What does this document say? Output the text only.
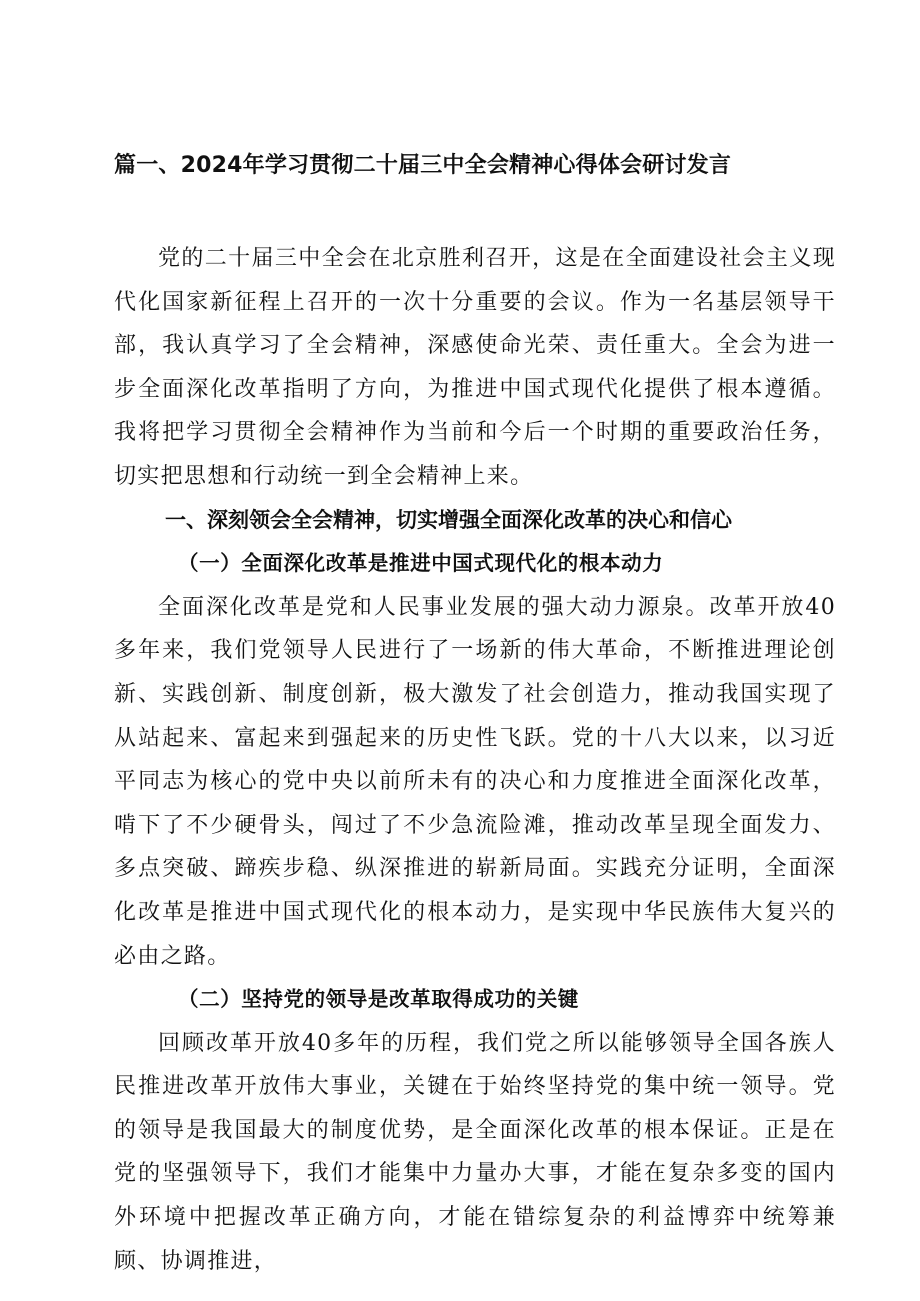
篇一、2024年学习贯彻二十届三中全会精神心得体会研讨发言

党的二十届三中全会在北京胜利召开，这是在全面建设社会主义现代化国家新征程上召开的一次十分重要的会议。作为一名基层领导干部，我认真学习了全会精神，深感使命光荣、责任重大。全会为进一步全面深化改革指明了方向，为推进中国式现代化提供了根本遵循。我将把学习贯彻全会精神作为当前和今后一个时期的重要政治任务，切实把思想和行动统一到全会精神上来。

一、深刻领会全会精神，切实增强全面深化改革的决心和信心
（一）全面深化改革是推进中国式现代化的根本动力

全面深化改革是党和人民事业发展的强大动力源泉。改革开放40多年来，我们党领导人民进行了一场新的伟大革命，不断推进理论创新、实践创新、制度创新，极大激发了社会创造力，推动我国实现了从站起来、富起来到强起来的历史性飞跃。党的十八大以来，以习近平同志为核心的党中央以前所未有的决心和力度推进全面深化改革，啃下了不少硬骨头，闯过了不少急流险滩，推动改革呈现全面发力、多点突破、蹄疾步稳、纵深推进的崭新局面。实践充分证明，全面深化改革是推进中国式现代化的根本动力，是实现中华民族伟大复兴的必由之路。

（二）坚持党的领导是改革取得成功的关键

回顾改革开放40多年的历程，我们党之所以能够领导全国各族人民推进改革开放伟大事业，关键在于始终坚持党的集中统一领导。党的领导是我国最大的制度优势，是全面深化改革的根本保证。正是在党的坚强领导下，我们才能集中力量办大事，才能在复杂多变的国内外环境中把握改革正确方向，才能在错综复杂的利益博弈中统筹兼顾、协调推进，
